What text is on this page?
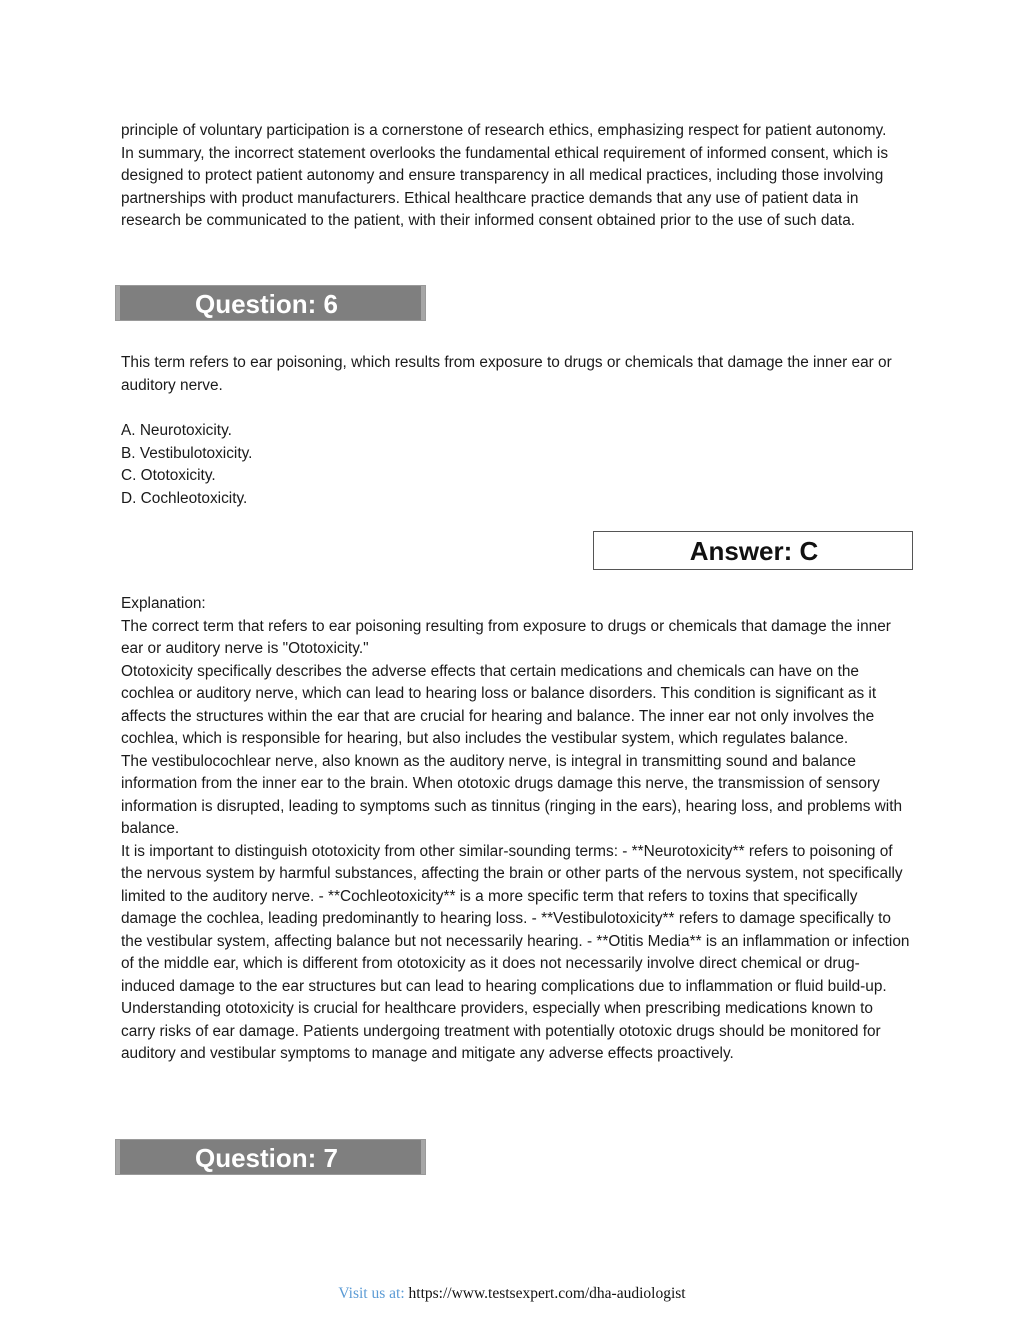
principle of voluntary participation is a cornerstone of research ethics, emphasizing respect for patient autonomy.

In summary, the incorrect statement overlooks the fundamental ethical requirement of informed consent, which is designed to protect patient autonomy and ensure transparency in all medical practices, including those involving partnerships with product manufacturers. Ethical healthcare practice demands that any use of patient data in research be communicated to the patient, with their informed consent obtained prior to the use of such data.

Question: 6

This term refers to ear poisoning, which results from exposure to drugs or chemicals that damage the inner ear or auditory nerve.

A. Neurotoxicity.

B. Vestibulotoxicity.

C. Ototoxicity.

D. Cochleotoxicity.

Answer: C

Explanation:

The correct term that refers to ear poisoning resulting from exposure to drugs or chemicals that damage the inner ear or auditory nerve is "Ototoxicity."

Ototoxicity specifically describes the adverse effects that certain medications and chemicals can have on the cochlea or auditory nerve, which can lead to hearing loss or balance disorders. This condition is significant as it affects the structures within the ear that are crucial for hearing and balance. The inner ear not only involves the cochlea, which is responsible for hearing, but also includes the vestibular system, which regulates balance.

The vestibulocochlear nerve, also known as the auditory nerve, is integral in transmitting sound and balance information from the inner ear to the brain. When ototoxic drugs damage this nerve, the transmission of sensory information is disrupted, leading to symptoms such as tinnitus (ringing in the ears), hearing loss, and problems with balance.

It is important to distinguish ototoxicity from other similar-sounding terms: - **Neurotoxicity** refers to poisoning of the nervous system by harmful substances, affecting the brain or other parts of the nervous system, not specifically limited to the auditory nerve. - **Cochleotoxicity** is a more specific term that refers to toxins that specifically damage the cochlea, leading predominantly to hearing loss. - **Vestibulotoxicity** refers to damage specifically to the vestibular system, affecting balance but not necessarily hearing. - **Otitis Media** is an inflammation or infection of the middle ear, which is different from ototoxicity as it does not necessarily involve direct chemical or drug-induced damage to the ear structures but can lead to hearing complications due to inflammation or fluid build-up.

Understanding ototoxicity is crucial for healthcare providers, especially when prescribing medications known to carry risks of ear damage. Patients undergoing treatment with potentially ototoxic drugs should be monitored for auditory and vestibular symptoms to manage and mitigate any adverse effects proactively.

Question: 7
Visit us at: https://www.testsexpert.com/dha-audiologist
